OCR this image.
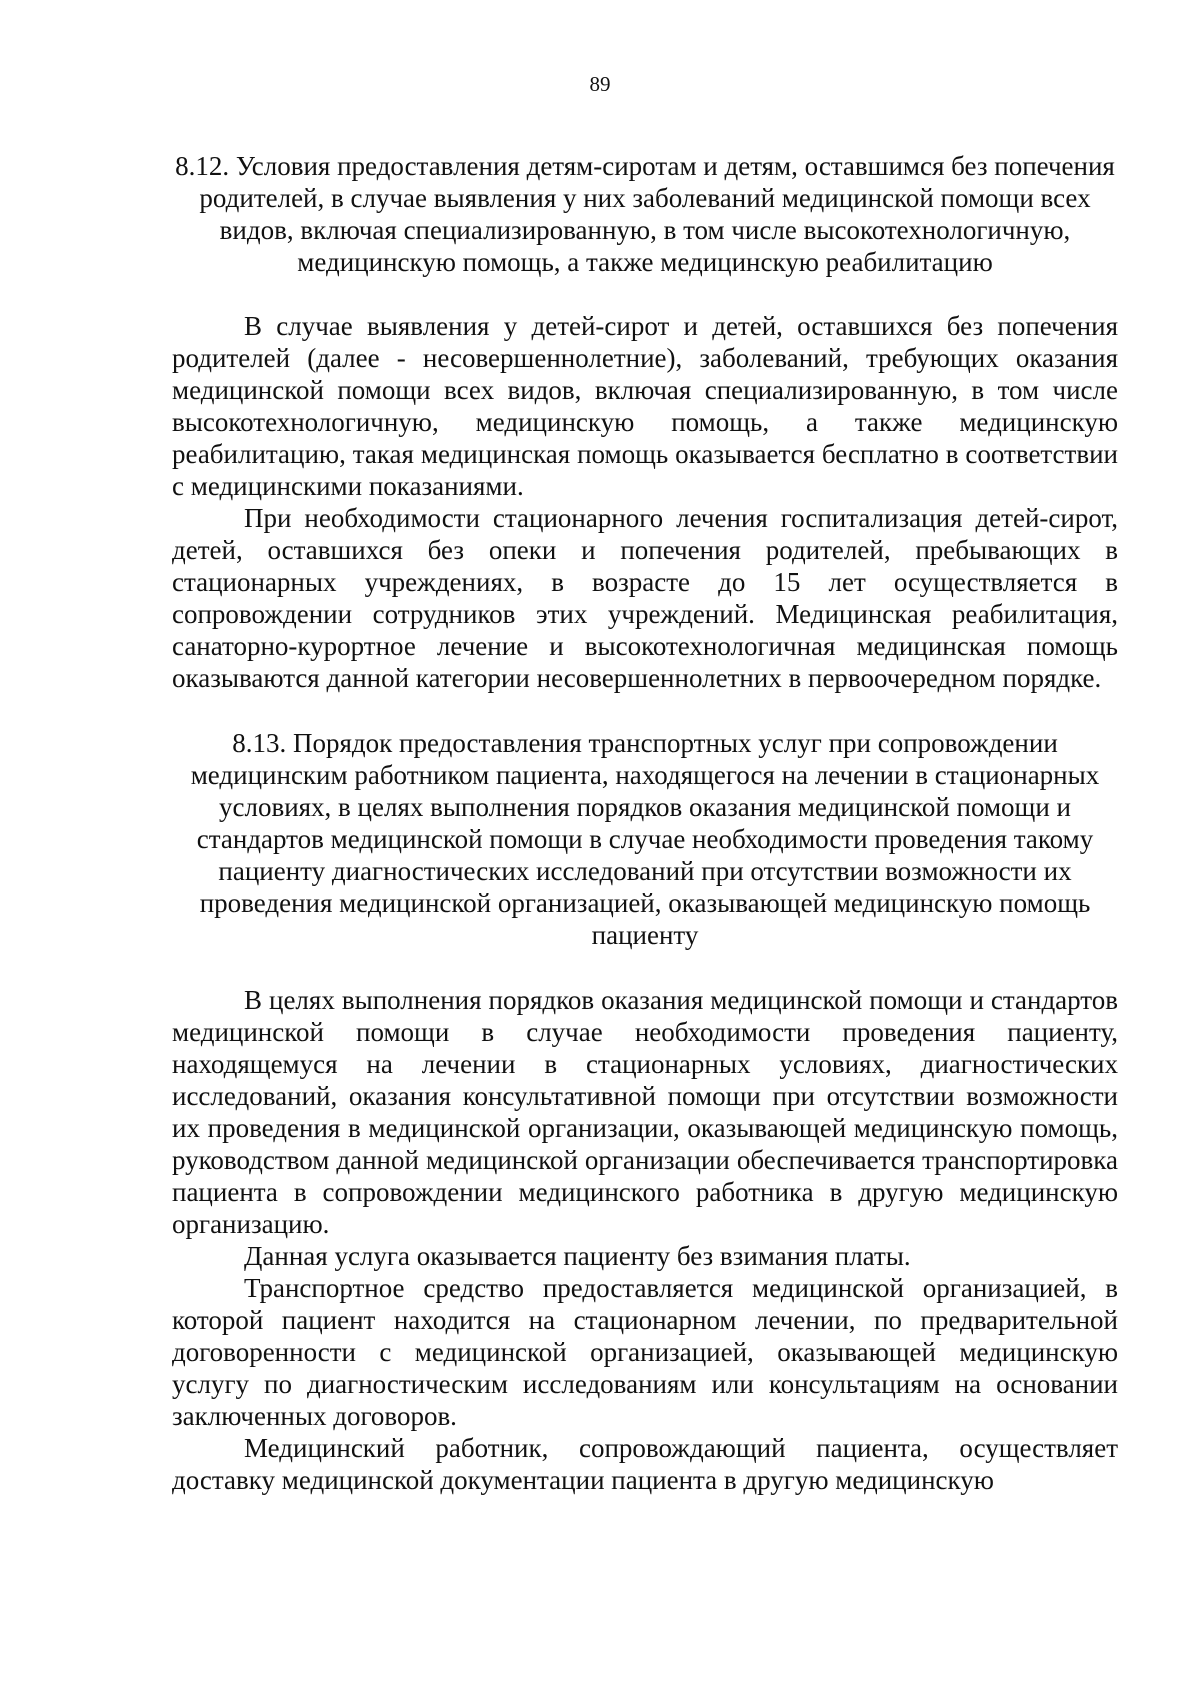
89

8.12. Условия предоставления детям-сиротам и детям, оставшимся без попечения родителей, в случае выявления у них заболеваний медицинской помощи всех видов, включая специализированную, в том числе высокотехнологичную, медицинскую помощь, а также медицинскую реабилитацию

В случае выявления у детей-сирот и детей, оставшихся без попечения родителей (далее - несовершеннолетние), заболеваний, требующих оказания медицинской помощи всех видов, включая специализированную, в том числе высокотехнологичную, медицинскую помощь, а также медицинскую реабилитацию, такая медицинская помощь оказывается бесплатно в соответствии с медицинскими показаниями.

При необходимости стационарного лечения госпитализация детей-сирот, детей, оставшихся без опеки и попечения родителей, пребывающих в стационарных учреждениях, в возрасте до 15 лет осуществляется в сопровождении сотрудников этих учреждений. Медицинская реабилитация, санаторно-курортное лечение и высокотехнологичная медицинская помощь оказываются данной категории несовершеннолетних в первоочередном порядке.

8.13. Порядок предоставления транспортных услуг при сопровождении медицинским работником пациента, находящегося на лечении в стационарных условиях, в целях выполнения порядков оказания медицинской помощи и стандартов медицинской помощи в случае необходимости проведения такому пациенту диагностических исследований при отсутствии возможности их проведения медицинской организацией, оказывающей медицинскую помощь пациенту

В целях выполнения порядков оказания медицинской помощи и стандартов медицинской помощи в случае необходимости проведения пациенту, находящемуся на лечении в стационарных условиях, диагностических исследований, оказания консультативной помощи при отсутствии возможности их проведения в медицинской организации, оказывающей медицинскую помощь, руководством данной медицинской организации обеспечивается транспортировка пациента в сопровождении медицинского работника в другую медицинскую организацию.

Данная услуга оказывается пациенту без взимания платы.

Транспортное средство предоставляется медицинской организацией, в которой пациент находится на стационарном лечении, по предварительной договоренности с медицинской организацией, оказывающей медицинскую услугу по диагностическим исследованиям или консультациям на основании заключенных договоров.

Медицинский работник, сопровождающий пациента, осуществляет доставку медицинской документации пациента в другую медицинскую
